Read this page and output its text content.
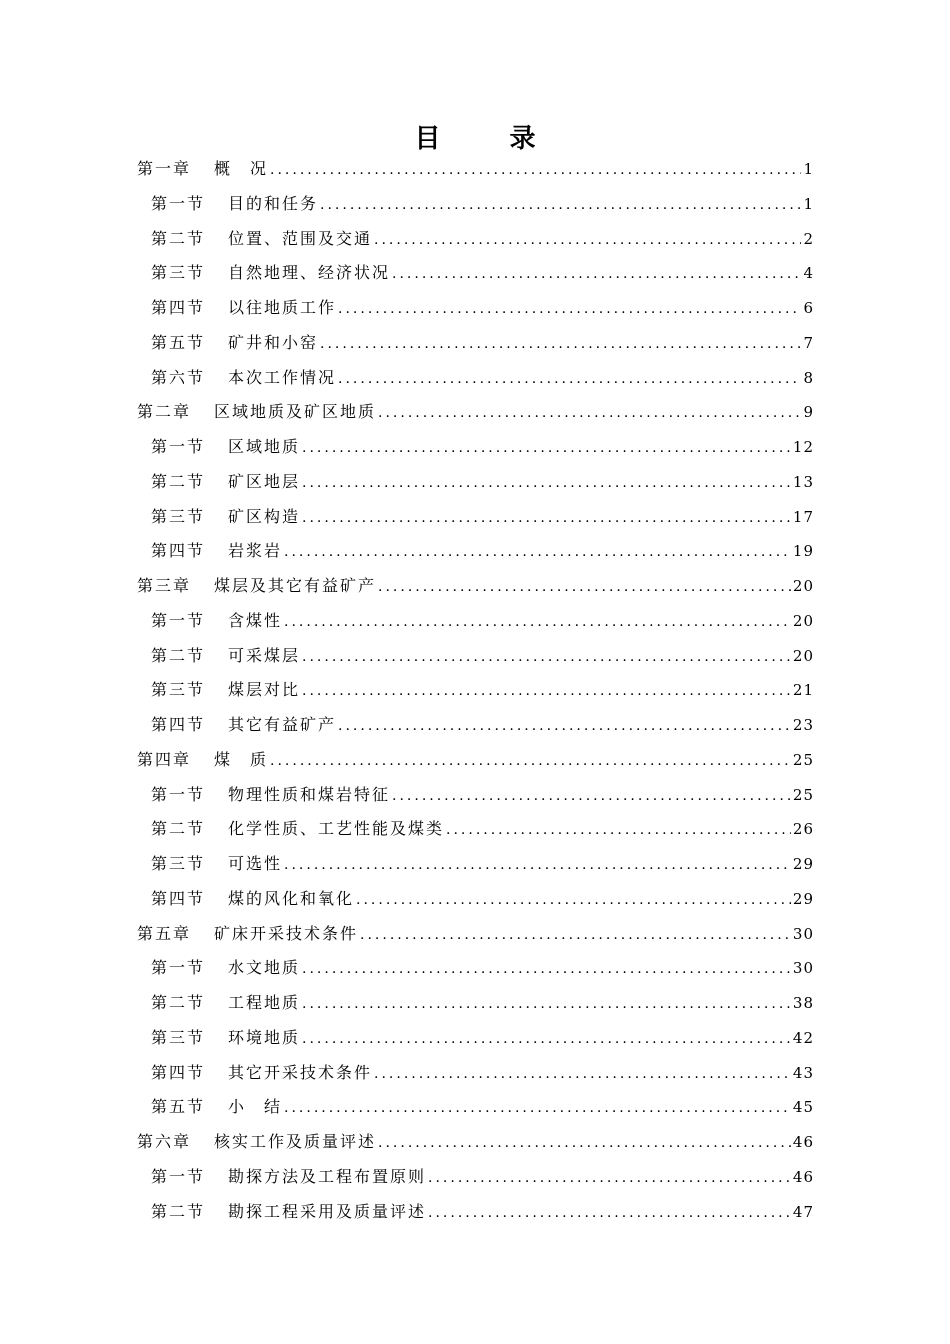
目 录
第一章 概　况 .....	1
第一节 目的和任务 .....	1
第二节 位置、范围及交通 .....	2
第三节 自然地理、经济状况 .....	4
第四节 以往地质工作 .....	6
第五节 矿井和小窑 .....	7
第六节 本次工作情况 .....	8
第二章 区域地质及矿区地质 .....	9
第一节 区域地质 .....	12
第二节 矿区地层 .....	13
第三节 矿区构造 .....	17
第四节 岩浆岩 .....	19
第三章 煤层及其它有益矿产 .....	20
第一节 含煤性 .....	20
第二节 可采煤层 .....	20
第三节 煤层对比 .....	21
第四节 其它有益矿产 .....	23
第四章 煤　质 .....	25
第一节 物理性质和煤岩特征 .....	25
第二节 化学性质、工艺性能及煤类 .....	26
第三节 可选性 .....	29
第四节 煤的风化和氧化 .....	29
第五章 矿床开采技术条件 .....	30
第一节 水文地质 .....	30
第二节 工程地质 .....	38
第三节 环境地质 .....	42
第四节 其它开采技术条件 .....	43
第五节 小　结 .....	45
第六章 核实工作及质量评述 .....	46
第一节 勘探方法及工程布置原则 .....	46
第二节 勘探工程采用及质量评述 .....	47
